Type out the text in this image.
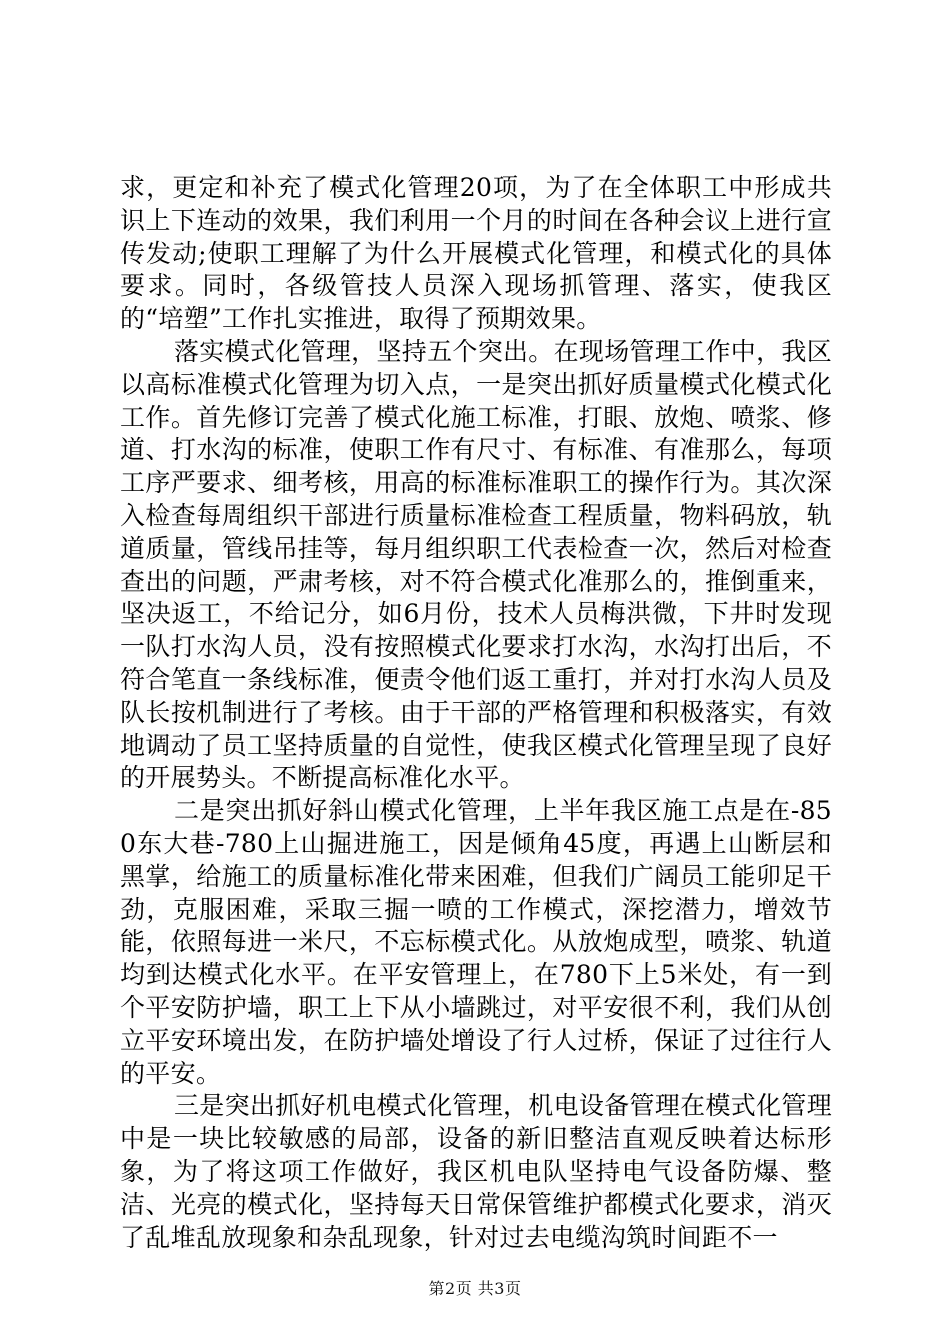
求，更定和补充了模式化管理20项，为了在全体职工中形成共识上下连动的效果，我们利用一个月的时间在各种会议上进行宣传发动;使职工理解了为什么开展模式化管理，和模式化的具体要求。同时，各级管技人员深入现场抓管理、落实，使我区的“培塑”工作扎实推进，取得了预期效果。

落实模式化管理，坚持五个突出。在现场管理工作中，我区以高标准模式化管理为切入点，一是突出抓好质量模式化模式化工作。首先修订完善了模式化施工标准，打眼、放炮、喷浆、修道、打水沟的标准，使职工作有尺寸、有标准、有准那么，每项工序严要求、细考核，用高的标准标准职工的操作行为。其次深入检查每周组织干部进行质量标准检查工程质量，物料码放，轨道质量，管线吊挂等，每月组织职工代表检查一次，然后对检查查出的问题，严肃考核，对不符合模式化准那么的，推倒重来，坚决返工，不给记分，如6月份，技术人员梅洪微，下井时发现一队打水沟人员，没有按照模式化要求打水沟，水沟打出后，不符合笔直一条线标准，便责令他们返工重打，并对打水沟人员及队长按机制进行了考核。由于干部的严格管理和积极落实，有效地调动了员工坚持质量的自觉性，使我区模式化管理呈现了良好的开展势头。不断提高标准化水平。

二是突出抓好斜山模式化管理，上半年我区施工点是在-850东大巷-780上山掘进施工，因是倾角45度，再遇上山断层和黑掌，给施工的质量标准化带来困难，但我们广阔员工能卯足干劲，克服困难，采取三掘一喷的工作模式，深挖潜力，增效节能，依照每进一米尺，不忘标模式化。从放炮成型，喷浆、轨道均到达模式化水平。在平安管理上，在780下上5米处，有一到个平安防护墙，职工上下从小墙跳过，对平安很不利，我们从创立平安环境出发，在防护墙处增设了行人过桥，保证了过往行人的平安。

三是突出抓好机电模式化管理，机电设备管理在模式化管理中是一块比较敏感的局部，设备的新旧整洁直观反映着达标形象，为了将这项工作做好，我区机电队坚持电气设备防爆、整洁、光亮的模式化，坚持每天日常保管维护都模式化要求，消灭了乱堆乱放现象和杂乱现象，针对过去电缆沟筑时间距不一

第2页 共3页
